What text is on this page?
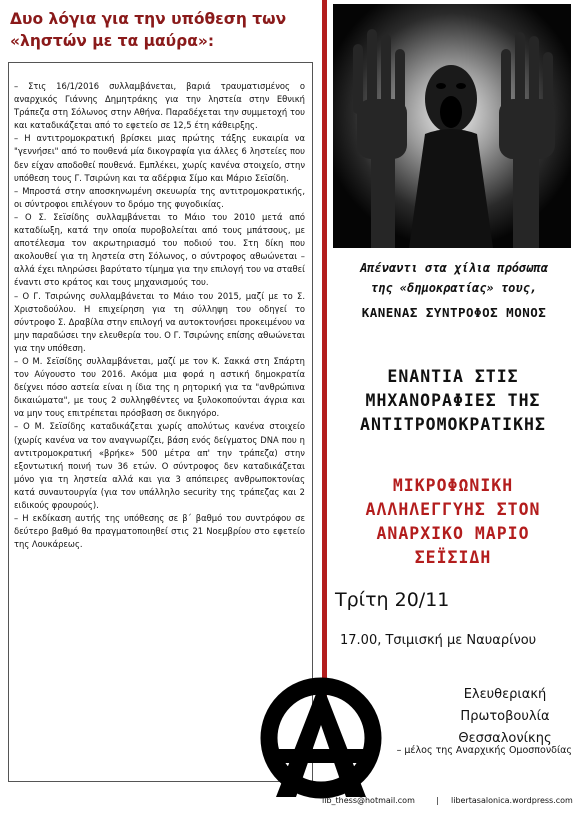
Δυο λόγια για την υπόθεση των
«ληστών με τα μαύρα»:

– Στις 16/1/2016 συλλαμβάνεται, βαριά τραυματισμένος ο αναρχικός Γιάννης Δημητράκης για την ληστεία στην Εθνική Τράπεζα στη Σόλωνος στην Αθήνα. Παραδέχεται την συμμετοχή του και καταδικάζεται από το εφετείο σε 12,5 έτη κάθειρξης.

– Η αντιτρομοκρατική βρίσκει μιας πρώτης τάξης ευκαιρία να "γεννήσει" από το πουθενά μία δικογραφία για άλλες 6 ληστείες που δεν είχαν αποδοθεί πουθενά. Εμπλέκει, χωρίς κανένα στοιχείο, στην υπόθεση τους Γ. Τσιρώνη και τα αδέρφια Σίμο και Μάριο Σεϊσίδη.

– Μπροστά στην αποσκηνωμένη σκευωρία της αντιτρομοκρατικής, οι σύντροφοι επιλέγουν το δρόμο της φυγοδικίας.

– Ο Σ. Σεϊσίδης συλλαμβάνεται το Μάιο του 2010 μετά από καταδίωξη, κατά την οποία πυροβολείται από τους μπάτσους, με αποτέλεσμα τον ακρωτηριασμό του ποδιού του. Στη δίκη που ακολουθεί για τη ληστεία στη Σόλωνος, ο σύντροφος αθωώνεται – αλλά έχει πληρώσει βαρύτατο τίμημα για την επιλογή του να σταθεί έναντι στο κράτος και τους μηχανισμούς του.

– Ο Γ. Τσιρώνης συλλαμβάνεται το Μάιο του 2015, μαζί με το Σ. Χριστοδούλου. Η επιχείρηση για τη σύλληψη του οδηγεί το σύντροφο Σ. Δραβίλα στην επιλογή να αυτοκτονήσει προκειμένου να μην παραδώσει την ελευθερία του. Ο Γ. Τσιρώνης επίσης αθωώνεται για την υπόθεση.

– Ο Μ. Σεϊσίδης συλλαμβάνεται, μαζί με τον Κ. Σακκά στη Σπάρτη τον Αύγουστο του 2016. Ακόμα μια φορά η αστική δημοκρατία δείχνει πόσο αστεία είναι η ίδια της η ρητορική για τα "ανθρώπινα δικαιώματα", με τους 2 συλληφθέντες να ξυλοκοπούνται άγρια και να μην τους επιτρέπεται πρόσβαση σε δικηγόρο.

– Ο Μ. Σεϊσίδης καταδικάζεται χωρίς απολύτως κανένα στοιχείο (χωρίς κανένα να τον αναγνωρίζει, βάση ενός δείγματος DNA που η αντιτρομοκρατική «βρήκε» 500 μέτρα απ' την τράπεζα) στην εξοντωτική ποινή των 36 ετών. Ο σύντροφος δεν καταδικάζεται μόνο για τη ληστεία αλλά και για 3 απόπειρες ανθρωποκτονίας κατά συναυτουργία (για τον υπάλληλο security της τράπεζας και 2 ειδικούς φρουρούς).

– Η εκδίκαση αυτής της υπόθεσης σε β΄ βαθμό του συντρόφου σε δεύτερο βαθμό θα πραγματοποιηθεί στις 21 Νοεμβρίου στο εφετείο της Λουκάρεως.

Απέναντι στα χίλια πρόσωπα
της «δημοκρατίας» τους,
ΚΑΝΕΝΑΣ ΣΥΝΤΡΟΦΟΣ ΜΟΝΟΣ
ΕΝΑΝΤΙΑ ΣΤΙΣ
ΜΗΧΑΝΟΡΑΦΙΕΣ ΤΗΣ
ΑΝΤΙΤΡΟΜΟΚΡΑΤΙΚΗΣ
ΜΙΚΡΟΦΩΝΙΚΗ
ΑΛΛΗΛΕΓΓΥΗΣ ΣΤΟΝ
ΑΝΑΡΧΙΚΟ ΜΑΡΙΟ
ΣΕΪΣΙΔΗ
Τρίτη 20/11
17.00, Τσιμισκή με Ναυαρίνου
Ελευθεριακή
Πρωτοβουλία
Θεσσαλονίκης
– μέλος της Αναρχικής Ομοσπονδίας
lib_thess@hotmail.com	| libertasalonica.wordpress.com
